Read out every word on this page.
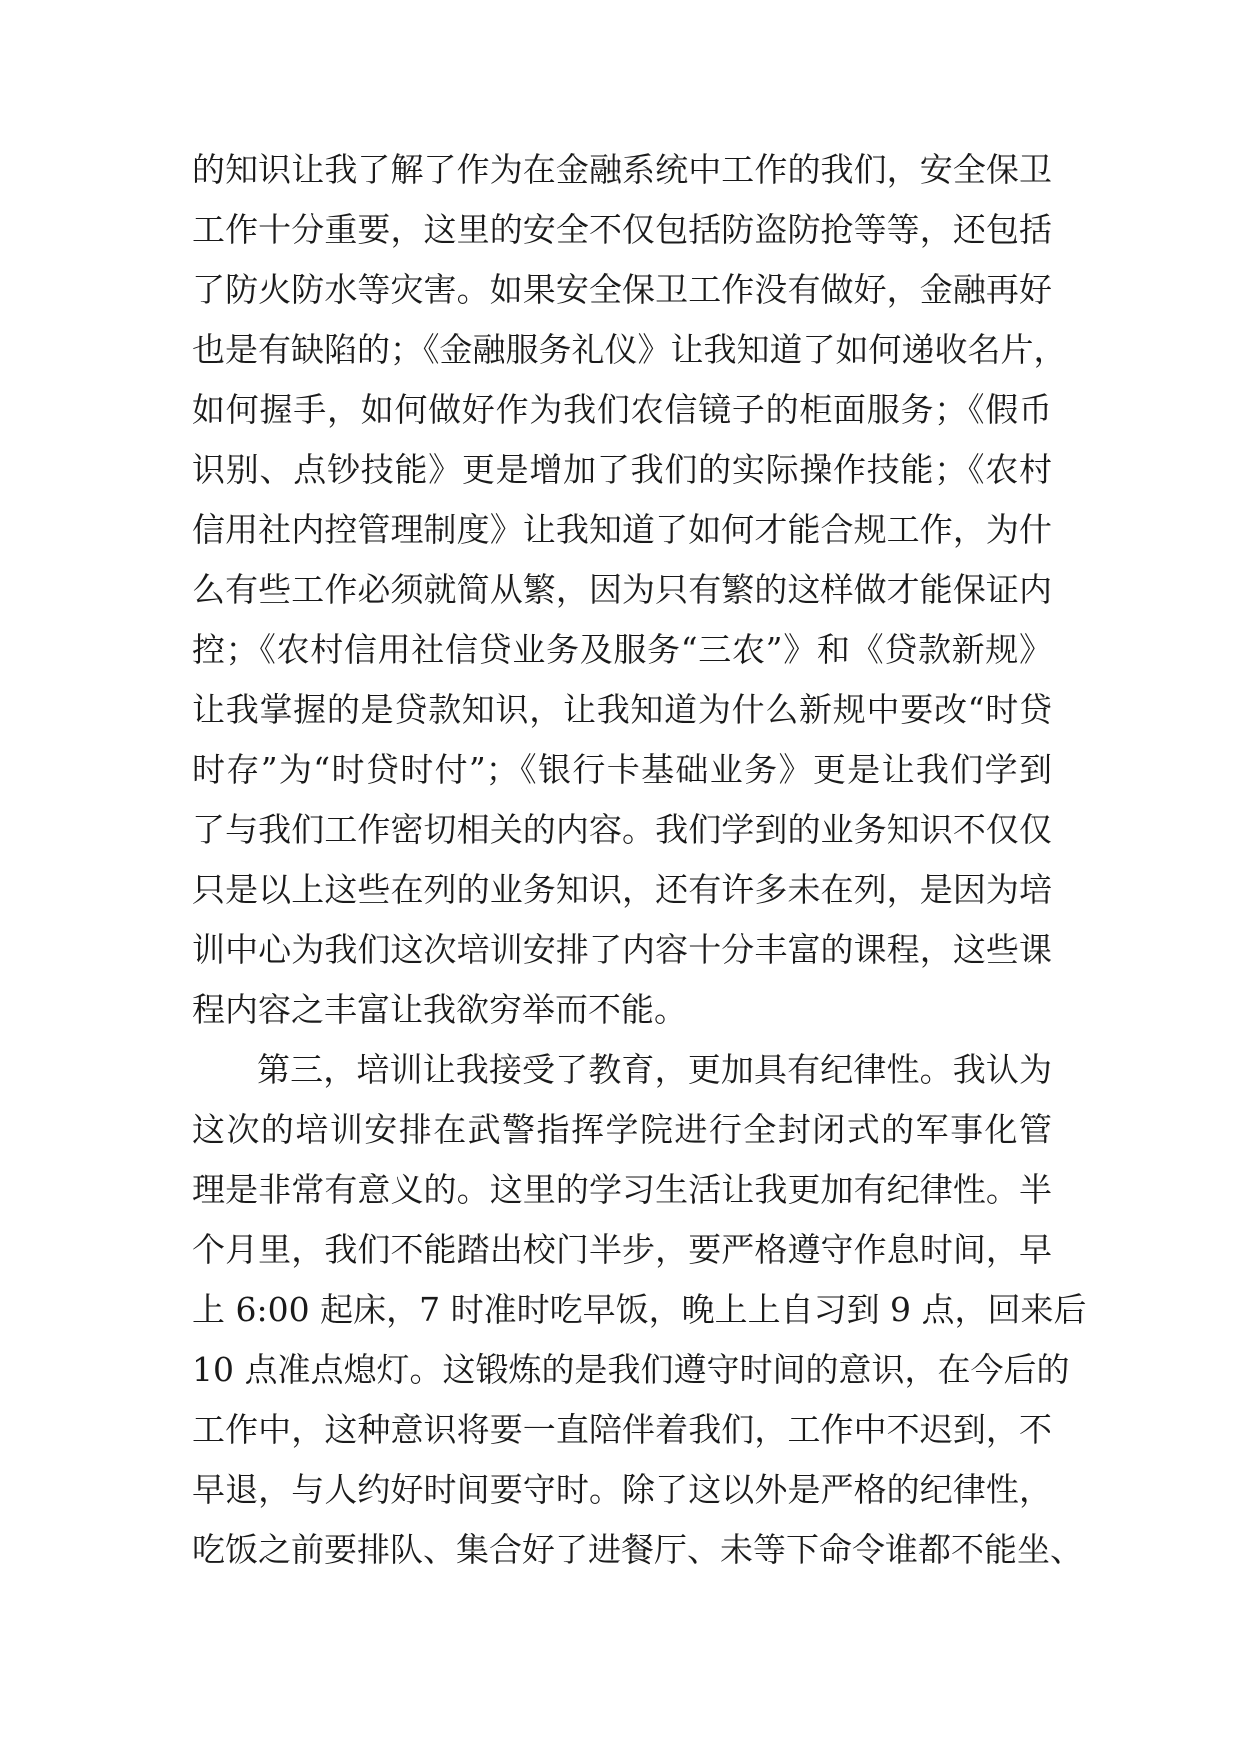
的知识让我了解了作为在金融系统中工作的我们，安全保卫
工作十分重要，这里的安全不仅包括防盗防抢等等，还包括
了防火防水等灾害。如果安全保卫工作没有做好，金融再好
也是有缺陷的；《金融服务礼仪》让我知道了如何递收名片，
如何握手，如何做好作为我们农信镜子的柜面服务；《假币
识别、点钞技能》更是增加了我们的实际操作技能；《农村
信用社内控管理制度》让我知道了如何才能合规工作，为什
么有些工作必须就简从繁，因为只有繁的这样做才能保证内
控；《农村信用社信贷业务及服务“三农”》和《贷款新规》
让我掌握的是贷款知识，让我知道为什么新规中要改“时贷
时存”为“时贷时付”；《银行卡基础业务》更是让我们学到
了与我们工作密切相关的内容。我们学到的业务知识不仅仅
只是以上这些在列的业务知识，还有许多未在列，是因为培
训中心为我们这次培训安排了内容十分丰富的课程，这些课
程内容之丰富让我欲穷举而不能。
第三，培训让我接受了教育，更加具有纪律性。我认为
这次的培训安排在武警指挥学院进行全封闭式的军事化管
理是非常有意义的。这里的学习生活让我更加有纪律性。半
个月里，我们不能踏出校门半步，要严格遵守作息时间，早
上 6:00 起床，7 时准时吃早饭，晚上上自习到 9 点，回来后
10 点准点熄灯。这锻炼的是我们遵守时间的意识，在今后的
工作中，这种意识将要一直陪伴着我们，工作中不迟到，不
早退，与人约好时间要守时。除了这以外是严格的纪律性，
吃饭之前要排队、集合好了进餐厅、未等下命令谁都不能坐、
